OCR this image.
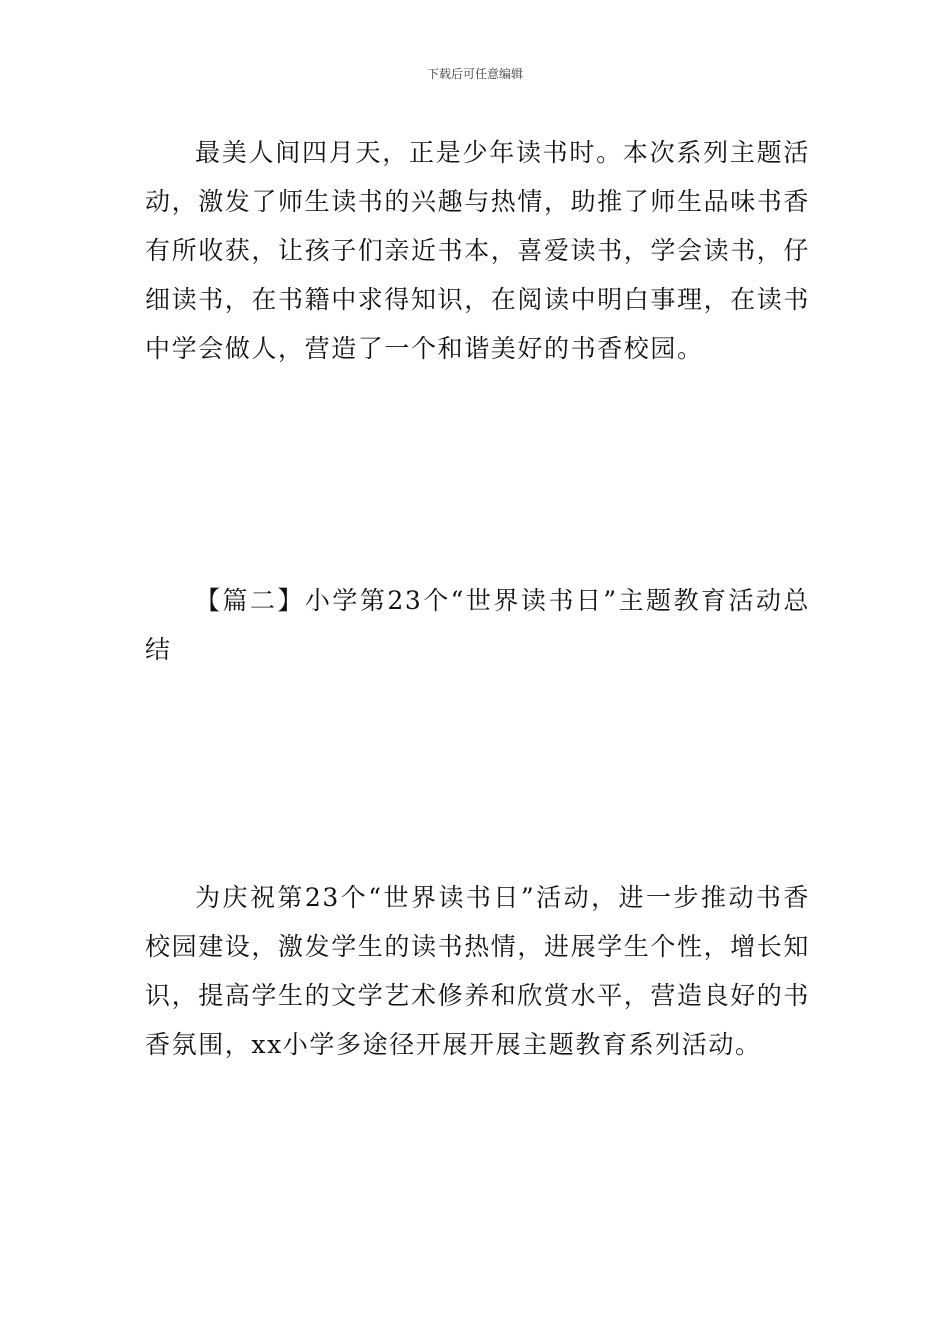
下载后可任意编辑

最美人间四月天，正是少年读书时。本次系列主题活动，激发了师生读书的兴趣与热情，助推了师生品味书香有所收获，让孩子们亲近书本，喜爱读书，学会读书，仔细读书，在书籍中求得知识，在阅读中明白事理，在读书中学会做人，营造了一个和谐美好的书香校园。

【篇二】小学第23个“世界读书日”主题教育活动总结

为庆祝第23个“世界读书日”活动，进一步推动书香校园建设，激发学生的读书热情，进展学生个性，增长知识，提高学生的文学艺术修养和欣赏水平，营造良好的书香氛围，xx小学多途径开展开展主题教育系列活动。
